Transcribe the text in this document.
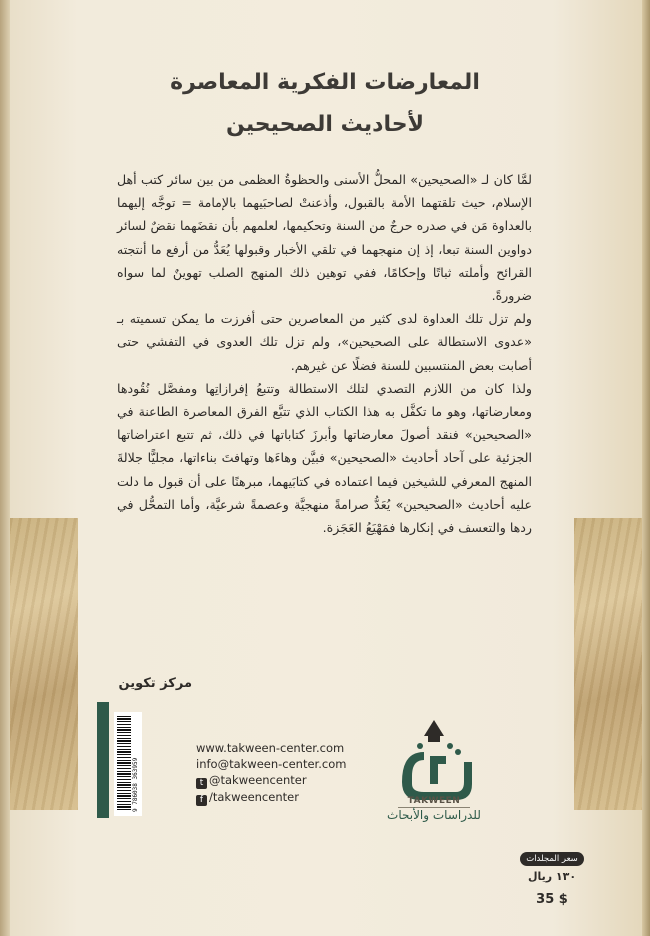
المعارضات الفكرية المعاصرة
لأحاديث الصحيحين

لمَّا كان لـ «الصحيحين» المحلُّ الأسنى والحظوةُ العظمى من بين سائر كتب أهل الإسلام، حيث تلقتهما الأمة بالقبول، وأذعنتْ لصاحبَيهما بالإمامة = توجَّه إليهما بالعداوة مَن في صدره حرجٌ من السنة وتحكيمها، لعلمهم بأن نقضَهما نقضٌ لسائر دواوين السنة تبعا، إذ إن منهجهما في تلقي الأخبار وقبولها يُعَدُّ من أرفع ما أنتجته القرائح وأملته ثباتًا وإحكامًا، ففي توهين ذلك المنهج الصلب تهوينٌ لما سواه ضرورةً.

ولم تزل تلك العداوة لدى كثير من المعاصرين حتى أفرزت ما يمكن تسميته بـ «عدوى الاستطالة على الصحيحين»، ولم تزل تلك العدوى في التفشي حتى أصابت بعض المنتسبين للسنة فضلًا عن غيرهم.

ولذا كان من اللازم التصدي لتلك الاستطالة وتتبعُ إفرازاتِها ومفصَّل نُقُودها ومعارضاتها، وهو ما تكفَّل به هذا الكتاب الذي تتبَّع الفرق المعاصرة الطاعنة في «الصحيحين» فنقد أصولَ معارضاتها وأبرزَ كتاباتها في ذلك، ثم تتبع اعتراضاتها الجزئية على آحاد أحاديث «الصحيحين» فبيَّن وهاءَها وتهافتَ بناءاتها، مجليًّا جلالةَ المنهج المعرفي للشيخين فيما اعتماده في كتابَيهما، مبرهنًا على أن قبول ما دلت عليه أحاديث «الصحيحين» يُعَدُّ صرامةً منهجيَّة وعصمةً شرعيَّة، وأما التمحُّل في ردها والتعسف في إنكارها فمَهْيَعُ العَجَزة.

مركز تكوين
9 786038 363959
www.takween-center.com
info@takween-center.com
t @takweencenter
f /takweencenter	TAKWEEN
للدراسات والأبحاث
سعر المجلدات
١٣٠ ريال
35 $
